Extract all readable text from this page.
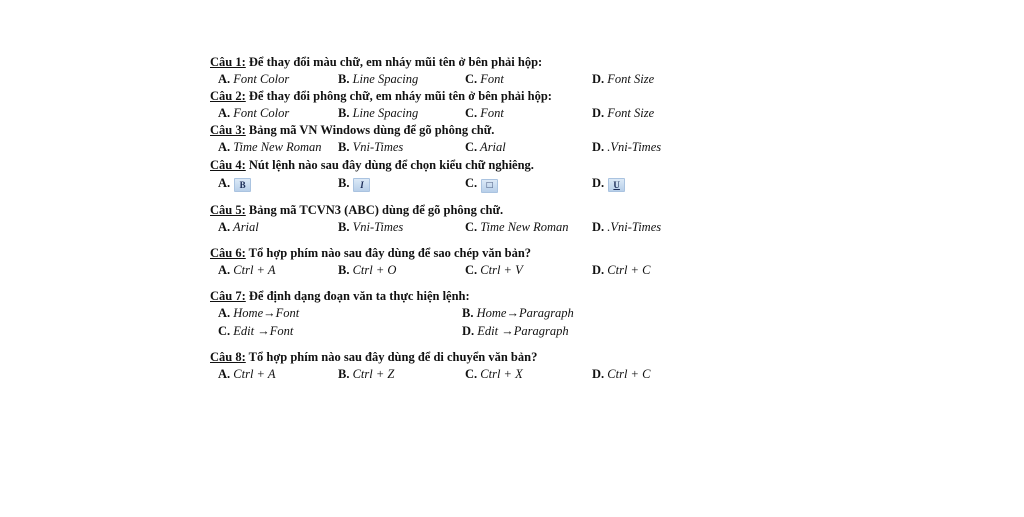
Câu 1: Để thay đổi màu chữ, em nháy mũi tên ở bên phải hộp:
A. Font Color	B. Line Spacing	C. Font	D. Font Size
Câu 2: Để thay đổi phông chữ, em nháy mũi tên ở bên phải hộp:
A. Font Color	B. Line Spacing	C. Font	D. Font Size
Câu 3: Bảng mã VN Windows dùng để gõ phông chữ.
A. Time New Roman B. Vni-Times	C. Arial	D. .Vni-Times
Câu 4: Nút lệnh nào sau đây dùng để chọn kiểu chữ nghiêng.
A. B	B. I	C. □	D. U
Câu 5: Bảng mã TCVN3 (ABC) dùng để gõ phông chữ.
A. Arial	B. Vni-Times	C. Time New Roman D. .Vni-Times
Câu 6: Tổ hợp phím nào sau đây dùng để sao chép văn bản?
A. Ctrl + A	B. Ctrl + O	C. Ctrl + V	D. Ctrl + C
Câu 7: Để định dạng đoạn văn ta thực hiện lệnh:
A. Home→Font	B. Home→Paragraph
C. Edit →Font	D. Edit →Paragraph
Câu 8: Tổ hợp phím nào sau đây dùng để di chuyển văn bản?
A. Ctrl + A	B. Ctrl + Z	C. Ctrl + X	D. Ctrl + C
